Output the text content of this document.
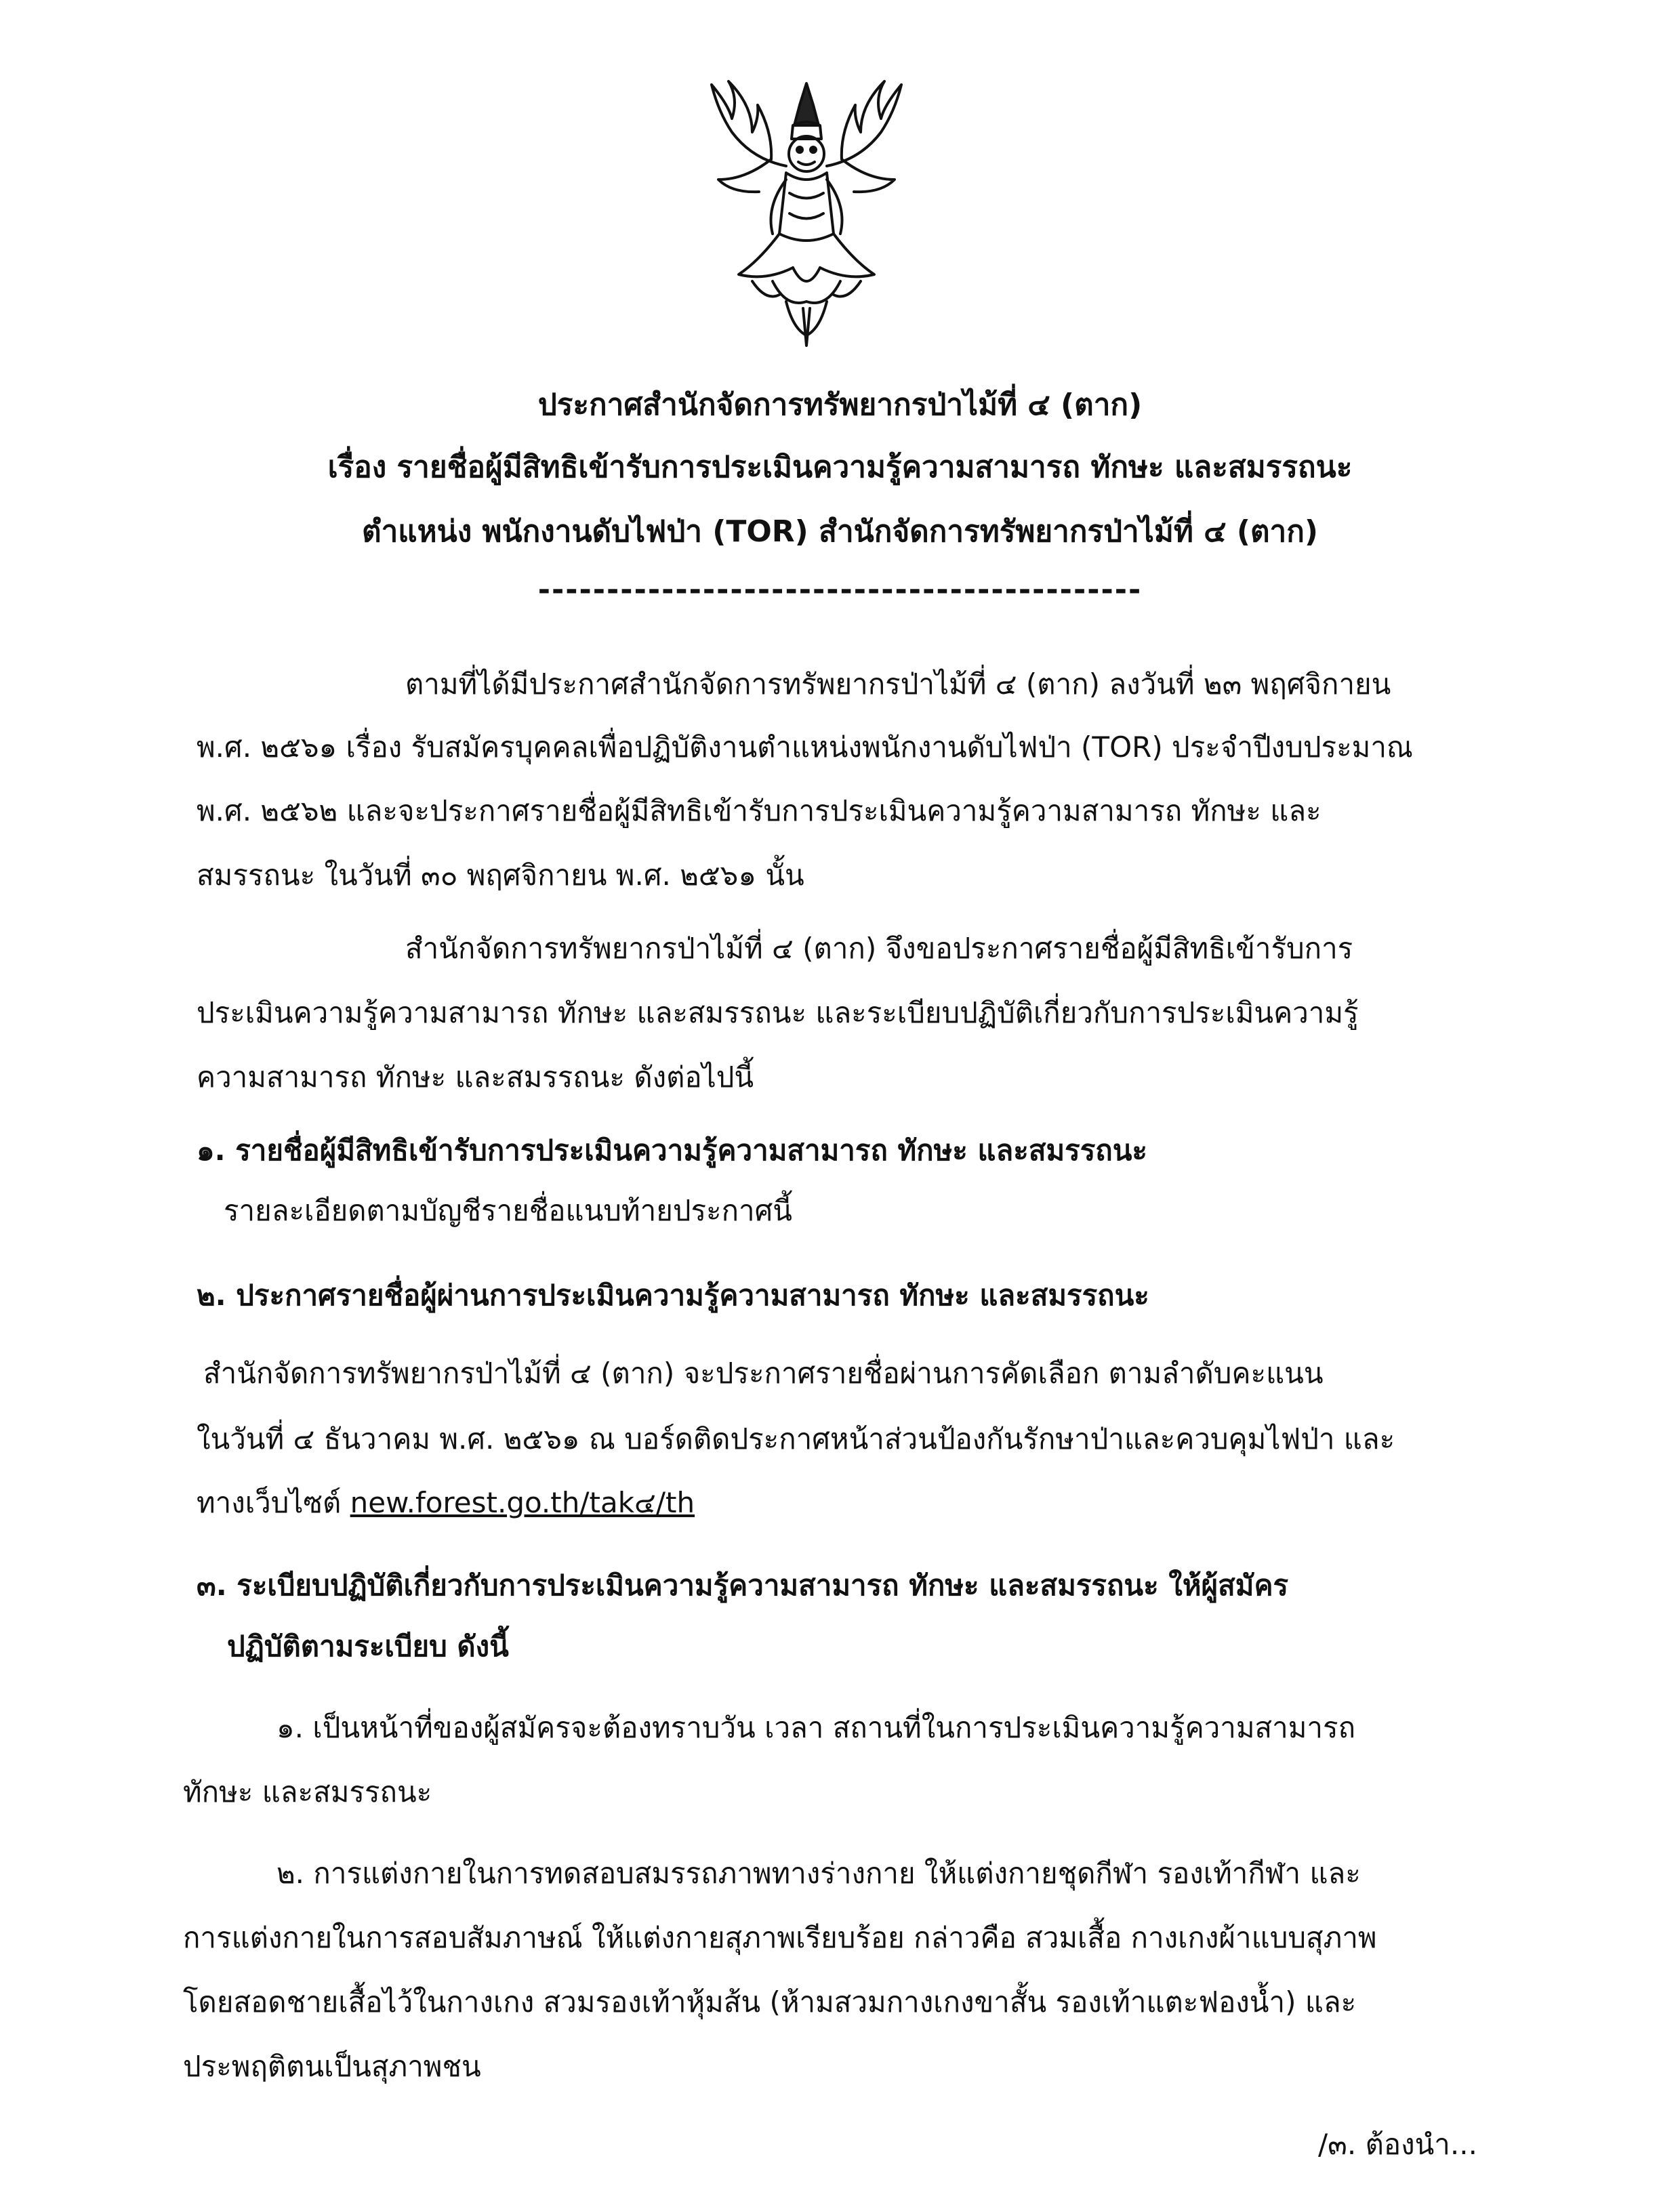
ประกาศสำนักจัดการทรัพยากรป่าไม้ที่ ๔ (ตาก)
เรื่อง รายชื่อผู้มีสิทธิเข้ารับการประเมินความรู้ความสามารถ ทักษะ และสมรรถนะ
ตำแหน่ง พนักงานดับไฟป่า (TOR) สำนักจัดการทรัพยากรป่าไม้ที่ ๔ (ตาก)
--------------------------------------------
ตามที่ได้มีประกาศสำนักจัดการทรัพยากรป่าไม้ที่ ๔ (ตาก) ลงวันที่ ๒๓ พฤศจิกายน
พ.ศ. ๒๕๖๑ เรื่อง รับสมัครบุคคลเพื่อปฏิบัติงานตำแหน่งพนักงานดับไฟป่า (TOR) ประจำปีงบประมาณ
พ.ศ. ๒๕๖๒ และจะประกาศรายชื่อผู้มีสิทธิเข้ารับการประเมินความรู้ความสามารถ ทักษะ และ
สมรรถนะ ในวันที่ ๓๐ พฤศจิกายน พ.ศ. ๒๕๖๑ นั้น
สำนักจัดการทรัพยากรป่าไม้ที่ ๔ (ตาก) จึงขอประกาศรายชื่อผู้มีสิทธิเข้ารับการ
ประเมินความรู้ความสามารถ ทักษะ และสมรรถนะ และระเบียบปฏิบัติเกี่ยวกับการประเมินความรู้
ความสามารถ ทักษะ และสมรรถนะ ดังต่อไปนี้
๑. รายชื่อผู้มีสิทธิเข้ารับการประเมินความรู้ความสามารถ ทักษะ และสมรรถนะ
รายละเอียดตามบัญชีรายชื่อแนบท้ายประกาศนี้
๒. ประกาศรายชื่อผู้ผ่านการประเมินความรู้ความสามารถ ทักษะ และสมรรถนะ
สำนักจัดการทรัพยากรป่าไม้ที่ ๔ (ตาก) จะประกาศรายชื่อผ่านการคัดเลือก ตามลำดับคะแนน
ในวันที่ ๔ ธันวาคม พ.ศ. ๒๕๖๑ ณ บอร์ดติดประกาศหน้าส่วนป้องกันรักษาป่าและควบคุมไฟป่า และ
ทางเว็บไซต์ new.forest.go.th/tak๔/th
๓. ระเบียบปฏิบัติเกี่ยวกับการประเมินความรู้ความสามารถ ทักษะ และสมรรถนะ ให้ผู้สมัคร
ปฏิบัติตามระเบียบ ดังนี้
๑. เป็นหน้าที่ของผู้สมัครจะต้องทราบวัน เวลา สถานที่ในการประเมินความรู้ความสามารถ
ทักษะ และสมรรถนะ
๒. การแต่งกายในการทดสอบสมรรถภาพทางร่างกาย ให้แต่งกายชุดกีฬา รองเท้ากีฬา และ
การแต่งกายในการสอบสัมภาษณ์ ให้แต่งกายสุภาพเรียบร้อย กล่าวคือ สวมเสื้อ กางเกงผ้าแบบสุภาพ
โดยสอดชายเสื้อไว้ในกางเกง สวมรองเท้าหุ้มส้น (ห้ามสวมกางเกงขาสั้น รองเท้าแตะฟองน้ำ) และ
ประพฤติตนเป็นสุภาพชน
/๓. ต้องนำ...
